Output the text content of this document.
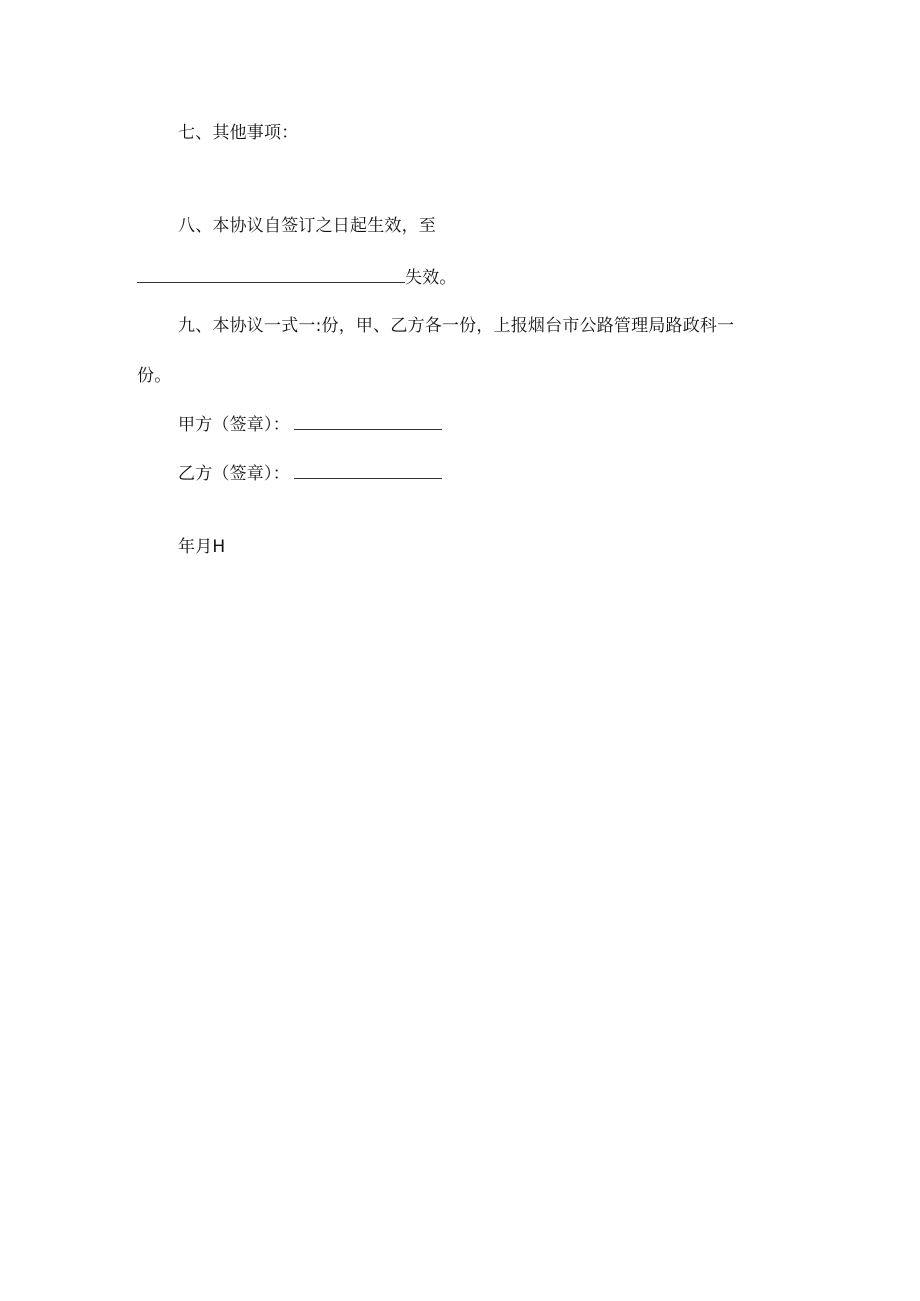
七、其他事项：
八、本协议自签订之日起生效，至
失效。
九、本协议一式一:份，甲、乙方各一份，上报烟台市公路管理局路政科一
份。
甲方（签章）：
乙方（签章）：
年月H
